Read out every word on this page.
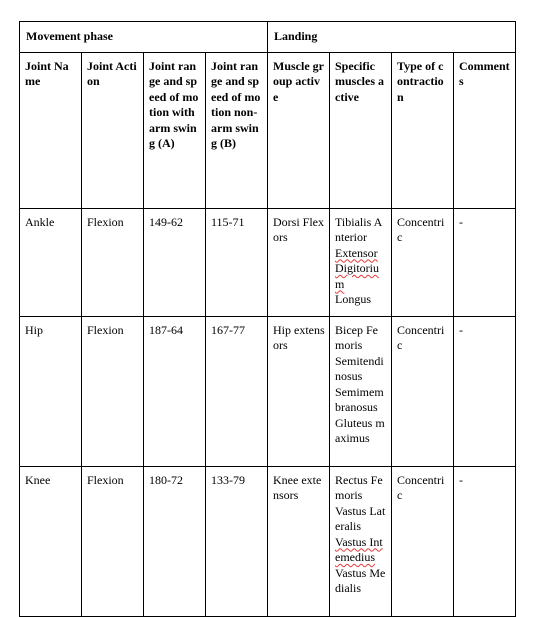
Movement phase				Landing			
Joint Name	Joint Action	Joint range and speed of motion with arm swing (A)	Joint range and speed of motion non-arm swing (B)	Muscle group active	Specific muscles active	Type of contraction	Comments
Ankle	Flexion	149-62	115-71	Dorsi Flexors	Tibialis Anterior
Extensor Digitorium
Longus	Concentric	-
Hip	Flexion	187-64	167-77	Hip extensors	Bicep Femoris
Semitendinosus
Semimembranosus
Gluteus maximus	Concentric	-
Knee	Flexion	180-72	133-79	Knee extensors	Rectus Femoris
Vastus Lateralis
Vastus Intemedius
Vastus Medialis	Concentric	-
